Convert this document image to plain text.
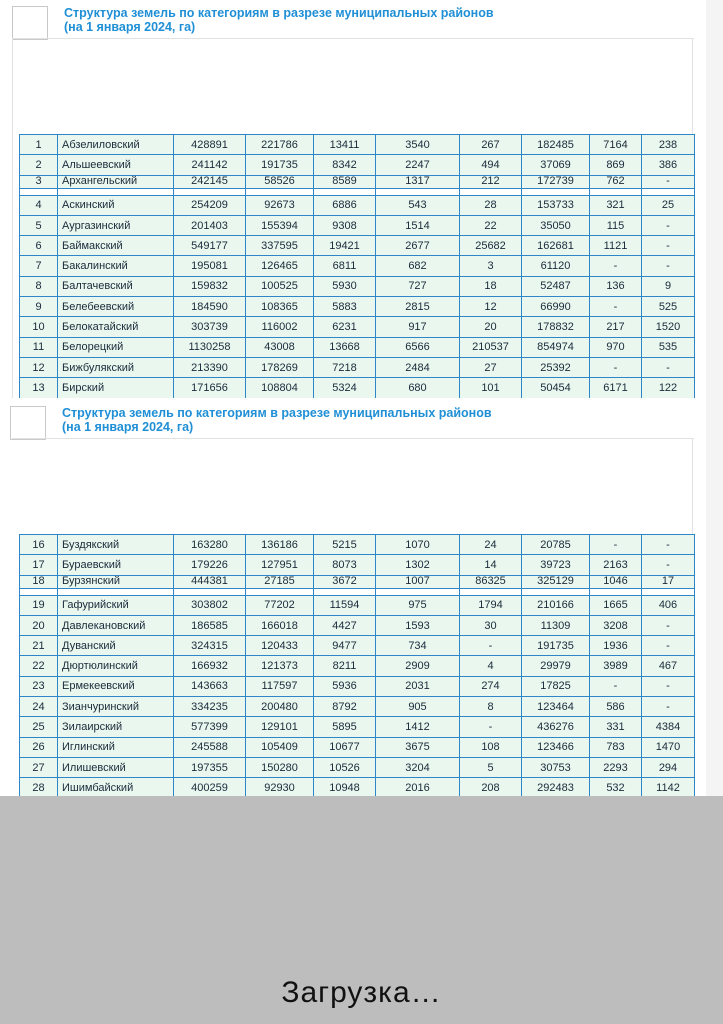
Структура земель по категориям в разрезе муниципальных районов
(на 1 января 2024, га)
1	Абзелиловский	428891	221786	13411	3540	267	182485	7164	238
2	Альшеевский	241142	191735	8342	2247	494	37069	869	386
3	Архангельский	242145	58526	8589	1317	212	172739	762	-

4	Аскинский	254209	92673	6886	543	28	153733	321	25
5	Аургазинский	201403	155394	9308	1514	22	35050	115	-
6	Баймакский	549177	337595	19421	2677	25682	162681	1121	-
7	Бакалинский	195081	126465	6811	682	3	61120	-	-
8	Балтачевский	159832	100525	5930	727	18	52487	136	9
9	Белебеевский	184590	108365	5883	2815	12	66990	-	525
10	Белокатайский	303739	116002	6231	917	20	178832	217	1520
11	Белорецкий	1130258	43008	13668	6566	210537	854974	970	535
12	Бижбулякский	213390	178269	7218	2484	27	25392	-	-
13	Бирский	171656	108804	5324	680	101	50454	6171	122
Структура земель по категориям в разрезе муниципальных районов
(на 1 января 2024, га)
16	Буздякский	163280	136186	5215	1070	24	20785	-	-
17	Бураевский	179226	127951	8073	1302	14	39723	2163	-
18	Бурзянский	444381	27185	3672	1007	86325	325129	1046	17

19	Гафурийский	303802	77202	11594	975	1794	210166	1665	406
20	Давлекановский	186585	166018	4427	1593	30	11309	3208	-
21	Дуванский	324315	120433	9477	734	-	191735	1936	-
22	Дюртюлинский	166932	121373	8211	2909	4	29979	3989	467
23	Ермекеевский	143663	117597	5936	2031	274	17825	-	-
24	Зианчуринский	334235	200480	8792	905	8	123464	586	-
25	Зилаирский	577399	129101	5895	1412	-	436276	331	4384
26	Иглинский	245588	105409	10677	3675	108	123466	783	1470
27	Илишевский	197355	150280	10526	3204	5	30753	2293	294
28	Ишимбайский	400259	92930	10948	2016	208	292483	532	1142
Загрузка…
